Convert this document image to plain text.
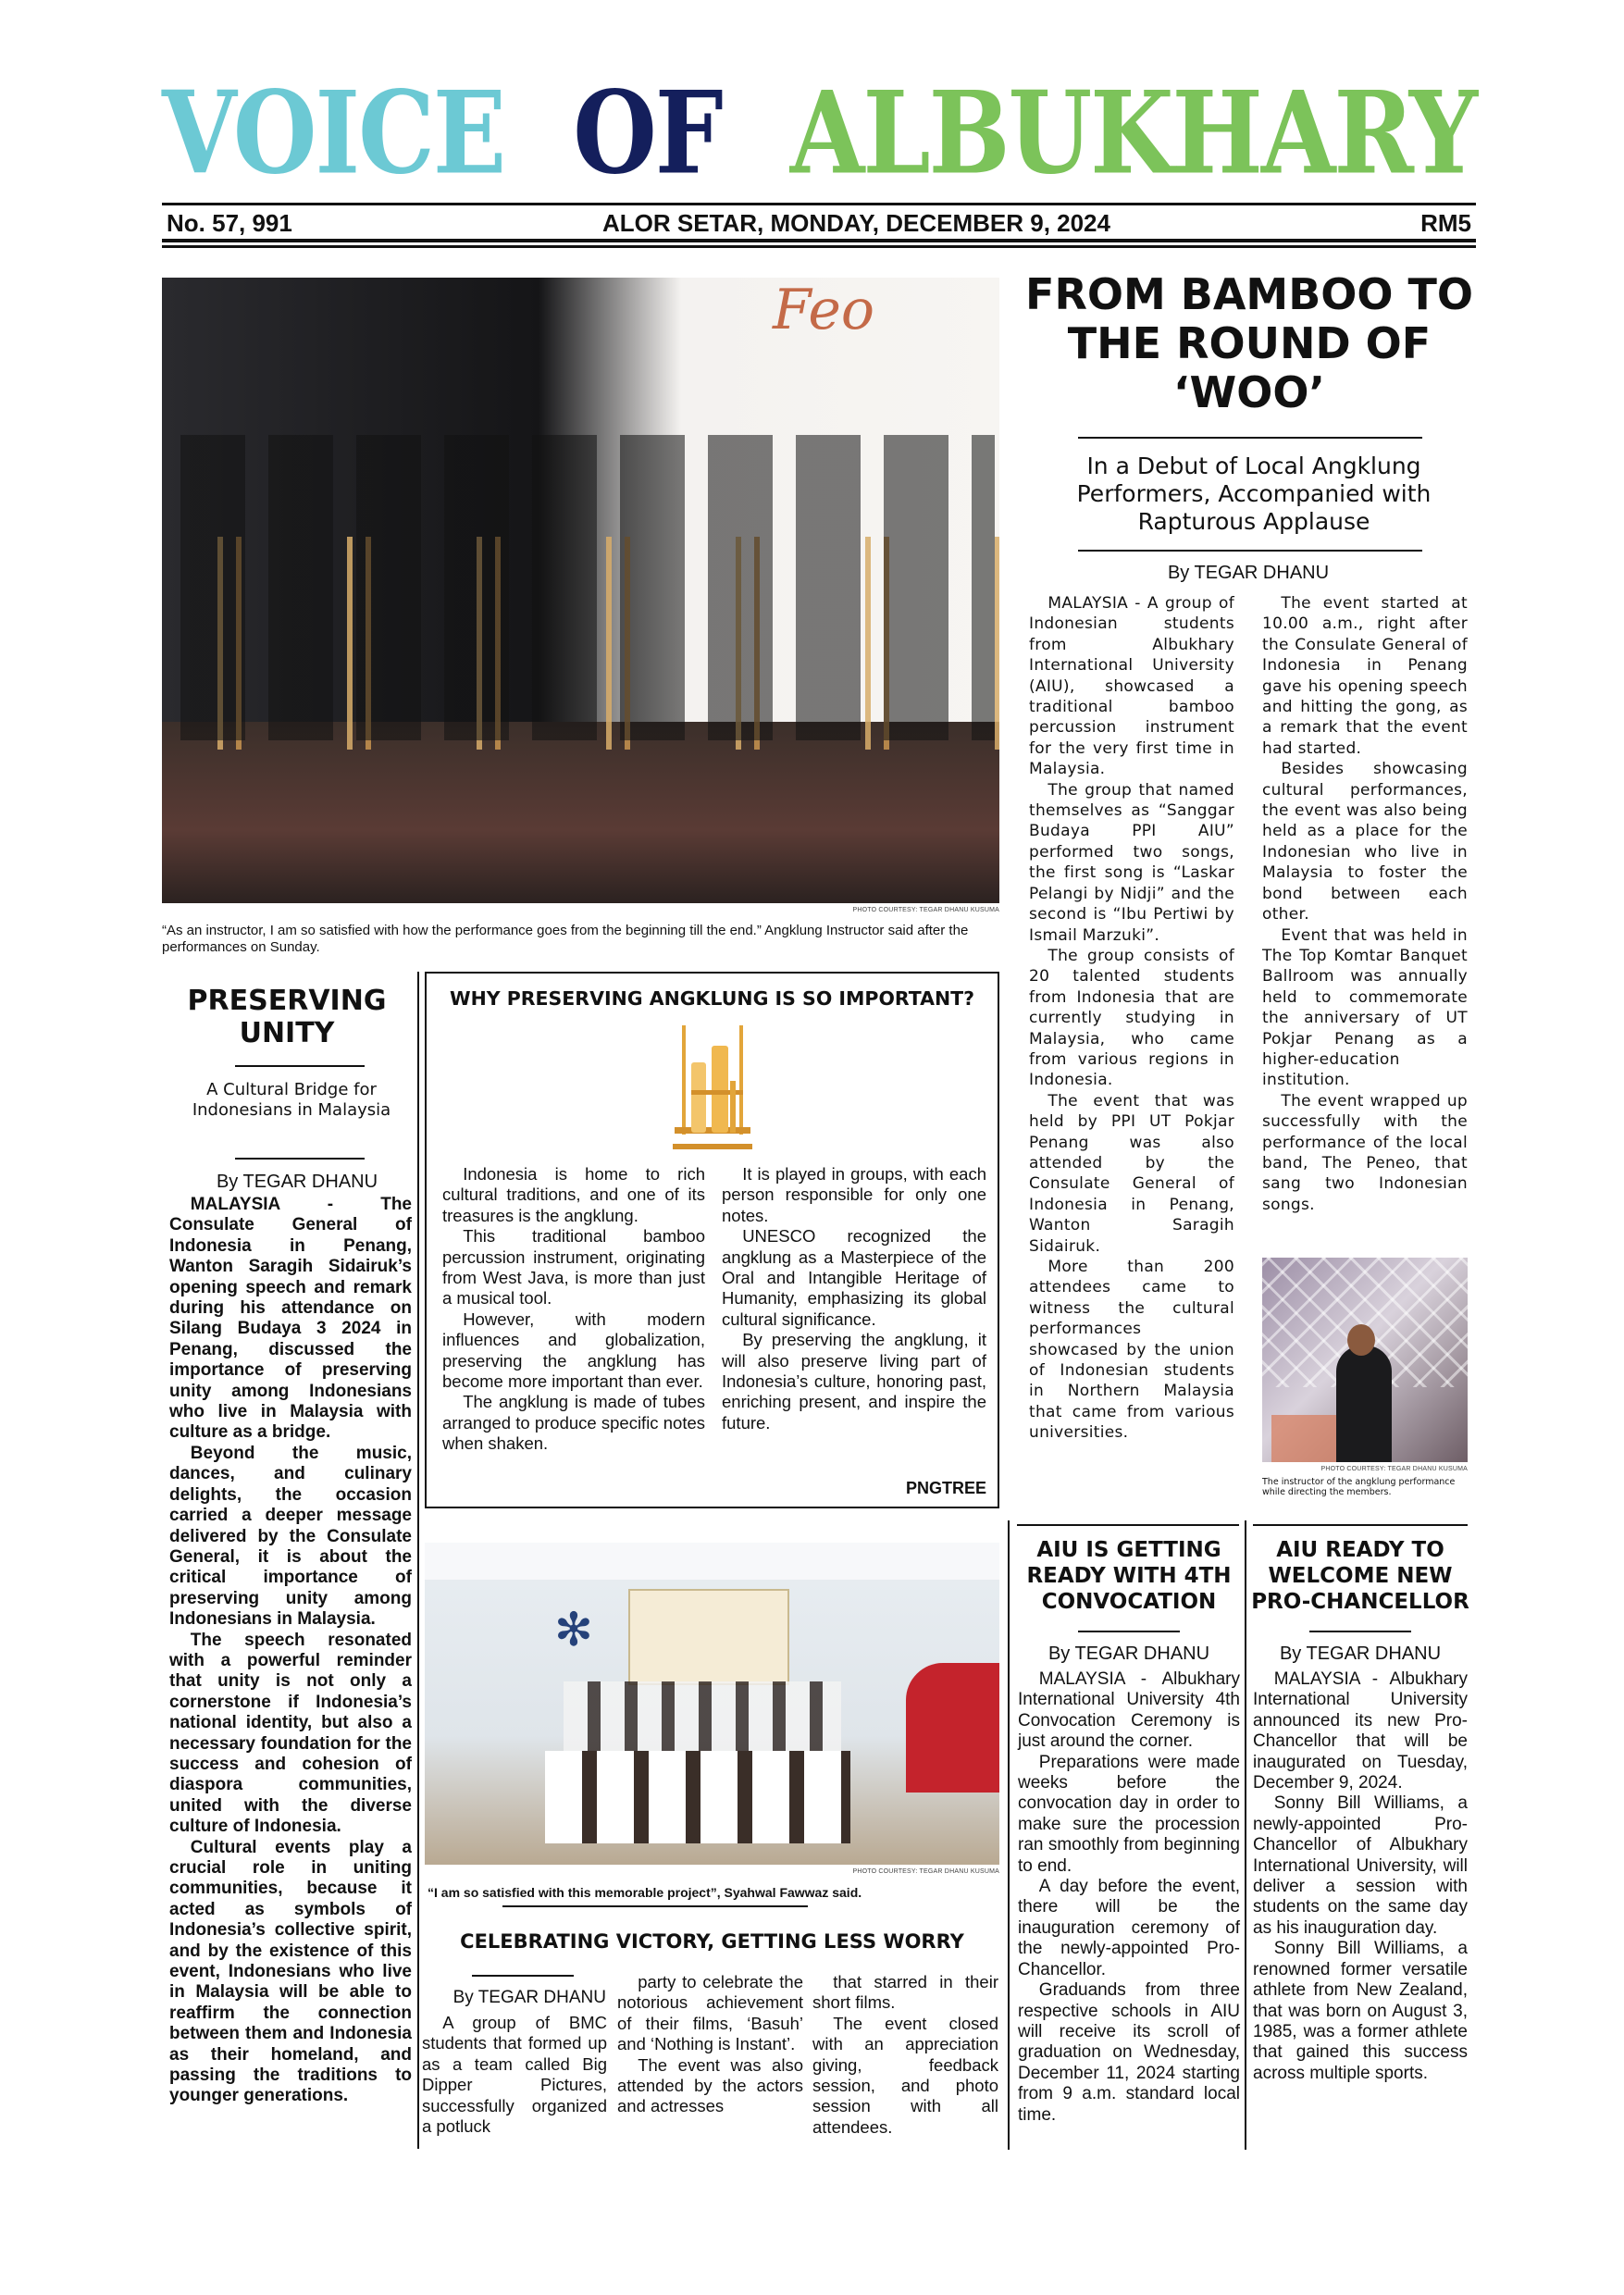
VOICE OF ALBUKHARY
No. 57, 991	ALOR SETAR, MONDAY, DECEMBER 9, 2024	RM5
Feo
PHOTO COURTESY: TEGAR DHANU KUSUMA
“As an instructor, I am so satisfied with how the performance goes from the beginning till the end.” Angklung Instructor said after the performances on Sunday.
FROM BAMBOO TO THE ROUND OF ‘WOO’
In a Debut of Local Angklung Performers, Accompanied with Rapturous Applause
By TEGAR DHANU

MALAYSIA - A group of Indonesian students from Albukhary International University (AIU), showcased a traditional bamboo percussion instrument for the very first time in Malaysia.

The group that named themselves as “Sanggar Budaya PPI AIU” performed two songs, the first song is “Laskar Pelangi by Nidji” and the second is “Ibu Pertiwi by Ismail Marzuki”.

The group consists of 20 talented students from Indonesia that are currently studying in Malaysia, who came from various regions in Indonesia.

The event that was held by PPI UT Pokjar Penang was also attended by the Consulate General of Indonesia in Penang, Wanton Saragih Sidairuk.

More than 200 attendees came to witness the cultural performances showcased by the union of Indonesian students in Northern Malaysia that came from various universities.

The event started at 10.00 a.m., right after the Consulate General of Indonesia in Penang gave his opening speech and hitting the gong, as a remark that the event had started.

Besides showcasing cultural performances, the event was also being held as a place for the Indonesian who live in Malaysia to foster the bond between each other.

Event that was held in The Top Komtar Banquet Ballroom was annually held to commemorate the anniversary of UT Pokjar Penang as a higher-education institution.

The event wrapped up successfully with the performance of the local band, The Peneo, that sang two Indonesian songs.

PHOTO COURTESY: TEGAR DHANU KUSUMA
The instructor of the angklung performance while directing the members.
PRESERVING UNITY
A Cultural Bridge for Indonesians in Malaysia
By TEGAR DHANU

MALAYSIA - The Consulate General of Indonesia in Penang, Wanton Saragih Sidairuk’s opening speech and remark during his attendance on Silang Budaya 3 2024 in Penang, discussed the importance of preserving unity among Indonesians who live in Malaysia with culture as a bridge.

Beyond the music, dances, and culinary delights, the occasion carried a deeper message delivered by the Consulate General, it is about the critical importance of preserving unity among Indonesians in Malaysia.

The speech resonated with a powerful reminder that unity is not only a cornerstone if Indonesia’s national identity, but also a necessary foundation for the success and cohesion of diaspora communities, united with the diverse culture of Indonesia.

Cultural events play a crucial role in uniting communities, because it acted as symbols of Indonesia’s collective spirit, and by the existence of this event, Indonesians who live in Malaysia will be able to reaffirm the connection between them and Indonesia as their homeland, and passing the traditions to younger generations.

WHY PRESERVING ANGKLUNG IS SO IMPORTANT?

Indonesia is home to rich cultural traditions, and one of its treasures is the angklung.

This traditional bamboo percussion instrument, originating from West Java, is more than just a musical tool.

However, with modern influences and globalization, preserving the angklung has become more important than ever.

The angklung is made of tubes arranged to produce specific notes when shaken.

It is played in groups, with each person responsible for only one notes.

UNESCO recognized the angklung as a Masterpiece of the Oral and Intangible Heritage of Humanity, emphasizing its global cultural significance.

By preserving the angklung, it will also preserve living part of Indonesia’s culture, honoring past, enriching present, and inspire the future.

PNGTREE
✻
PHOTO COURTESY: TEGAR DHANU KUSUMA
“I am so satisfied with this memorable project”, Syahwal Fawwaz said.
CELEBRATING VICTORY, GETTING LESS WORRY
By TEGAR DHANU

A group of BMC students that formed up as a team called Big Dipper Pictures, successfully organized a potluck

party to celebrate the notorious achievement of their films, ‘Basuh’ and ‘Nothing is Instant’.

The event was also attended by the actors and actresses

that starred in their short films.

The event closed with an appreciation giving, feedback session, and photo session with all attendees.

AIU IS GETTING READY WITH 4TH CONVOCATION
By TEGAR DHANU

MALAYSIA - Albukhary International University 4th Convocation Ceremony is just around the corner.

Preparations were made weeks before the convocation day in order to make sure the procession ran smoothly from beginning to end.

A day before the event, there will be the inauguration ceremony of the newly-appointed Pro-Chancellor.

Graduands from three respective schools in AIU will receive its scroll of graduation on Wednesday, December 11, 2024 starting from 9 a.m. standard local time.

AIU READY TO WELCOME NEW PRO-CHANCELLOR
By TEGAR DHANU

MALAYSIA - Albukhary International University announced its new Pro-Chancellor that will be inaugurated on Tuesday, December 9, 2024.

Sonny Bill Williams, a newly-appointed Pro-Chancellor of Albukhary International University, will deliver a session with students on the same day as his inauguration day.

Sonny Bill Williams, a renowned former versatile athlete from New Zealand, that was born on August 3, 1985, was a former athlete that gained this success across multiple sports.
